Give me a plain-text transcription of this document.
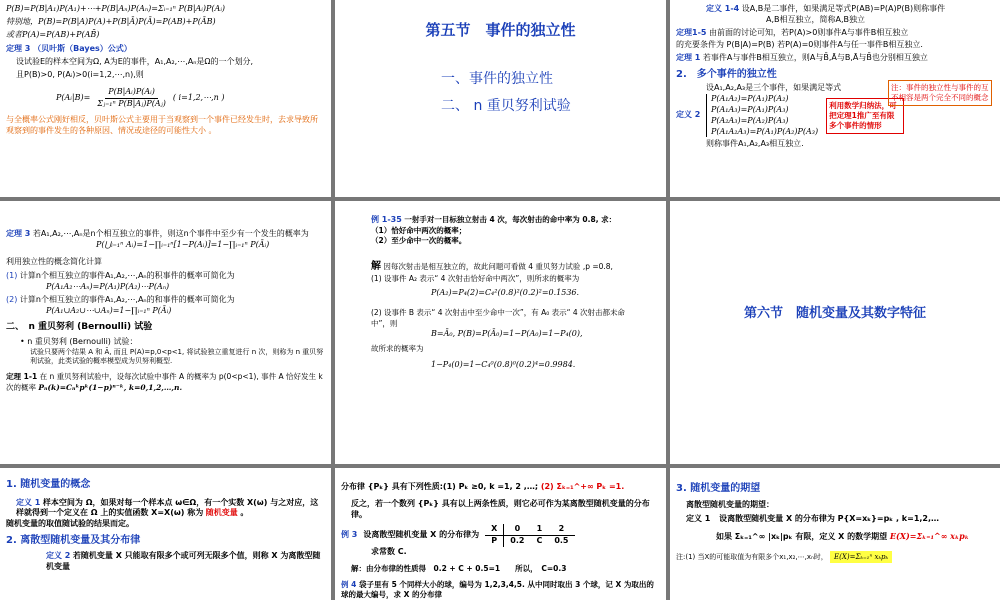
P(B)=P(B|A₁)P(A₁)+⋯+P(B|Aₙ)P(Aₙ)=Σᵢ₌₁ⁿ P(B|Aᵢ)P(Aᵢ)
特别地，P(B)=P(B|A)P(A)+P(B|Ā)P(Ā)=P(AB)+P(ĀB)
或者P(A)=P(AB)+P(AB̄)
定理 3 （贝叶斯（Bayes）公式）
设试验E的样本空间为Ω, A为E的事件，A₁,A₂,⋯,Aₙ是Ω的一个划分,
且P(B)>0, P(Aᵢ)>0(i=1,2,⋯,n),则
P(Aᵢ|B)= $\frac{\text{P(B|Aᵢ)P(Aᵢ)}}{\text{Σⱼ₌₁ⁿ P(B|Aⱼ)P(Aⱼ)}}$ ( i=1,2,⋯,n )
与全概率公式刚好相反，贝叶斯公式主要用于当观察到一个事件已经发生时，去求导致所观察到的事件发生的各种原因、情况或途径的可能性大小 。
第五节　事件的独立性
一、事件的独立性
二、 n 重贝努利试验
定义 1-4 设A,B是二事件，如果满足等式P(AB)=P(A)P(B)则称事件
A,B相互独立，简称A,B独立
定理1-5 由前面的讨论可知，若P(A)>0则事件A与事件B相互独立
的充要条件为 P(B|A)=P(B) 若P(A)=0则事件A与任一事件B相互独立.
定理 1 若事件A与事件B相互独立，则A与B̄,Ā与B,Ā与B̄也分别相互独立
注：事件的独立性与事件的互不相容是两个完全不同的概念
2.　多个事件的独立性
设A₁,A₂,A₃是三个事件，如果满足等式
定义 2
P(A₁A₂)=P(A₁)P(A₂)
P(A₁A₃)=P(A₁)P(A₃)
P(A₂A₃)=P(A₂)P(A₃)
P(A₁A₂A₃)=P(A₁)P(A₂)P(A₃)
利用数学归纳法，可把定理1推广至有限多个事件的情形
则称事件A₁,A₂,A₃相互独立.
定理 3 若A₁,A₂,⋯,Aₙ是n个相互独立的事件，则这n个事件中至少有一个发生的概率为
P(⋃ᵢ₌₁ⁿ Aᵢ)=1−∏ᵢ₌₁ⁿ[1−P(Aᵢ)]=1−∏ᵢ₌₁ⁿ P(Āᵢ)
利用独立性的概念简化计算
(1) 计算n个相互独立的事件A₁,A₂,⋯,Aₙ的积事件的概率可简化为
P(A₁A₂⋯Aₙ)=P(A₁)P(A₂)⋯P(Aₙ)
(2) 计算n个相互独立的事件A₁,A₂,⋯,Aₙ的和事件的概率可简化为
P(A₁∪A₂∪⋯∪Aₙ)=1−∏ᵢ₌₁ⁿ P(Āᵢ)
二、　n 重贝努利 (Bernoulli) 试验
• n 重贝努利 (Bernoulli) 试验：
试验只要两个结果 A 和 Ā, 而且 P(A)=p,0<p<1, 将试验独立重复进行 n 次，则称为 n 重贝努利试验，此类试验的概率模型成为贝努利概型.
定理 1-1 在 n 重贝努利试验中，设每次试验中事件 A 的概率为 p(0<p<1), 事件 A 恰好发生 k 次的概率 Pₙ(k)=Cₙᵏpᵏ(1−p)ⁿ⁻ᵏ, k=0,1,2,…,n.
例 1-35 一射手对一目标独立射击 4 次，每次射击的命中率为 0.8, 求：
（1）恰好命中两次的概率；
（2）至少命中一次的概率。
解 因每次射击是相互独立的，故此问题可看做 4 重贝努力试验 ,p =0.8,
(1) 设事件 A₂ 表示“ 4 次射击恰好命中两次”，则所求的概率为
P(A₂)=P₄(2)=C₄²(0.8)²(0.2)²=0.1536.
(2) 设事件 B 表示“ 4 次射击中至少命中一次”，有 A₀ 表示“ 4 次射击都未命中”，则
B=Ā₀, P(B)=P(Ā₀)=1−P(A₀)=1−P₄(0),
故所求的概率为
1−P₄(0)=1−C₄⁰(0.8)⁰(0.2)⁴=0.9984.
第六节　随机变量及其数字特征
1. 随机变量的概念
定义 1 样本空间为 Ω，如果对每一个样本点 ω∈Ω，有一个实数 X(ω) 与之对应，这样就得到一个定义在 Ω 上的实值函数 X=X(ω) 称为 随机变量 。
随机变量的取值随试验的结果而定。
2. 离散型随机变量及其分布律
定义 2 若随机变量 X 只能取有限多个或可列无限多个值，则称 X 为离散型随机变量
分布律 {Pₖ} 具有下列性质:(1) Pₖ ≥0, k =1, 2 ,…; (2) Σₖ₌₁^+∞ Pₖ =1.
反之，若一个数列 {Pₖ} 具有以上两条性质，则它必可作为某离散型随机变量的分布律。
例 3 设离散型随机变量 X 的分布律为
X	0	1	2
P	0.2	C	0.5
求常数 C.
解：由分布律的性质得　0.2 + C + 0.5=1　　所以，　C=0.3
例 4 袋子里有 5 个同样大小的球，编号为 1,2,3,4,5. 从中同时取出 3 个球，记 X 为取出的球的最大编号，求 X 的分布律
3. 随机变量的期望
离散型随机变量的期望：
定义 1 设离散型随机变量 X 的分布律为 P{X=xₖ}=pₖ , k=1,2,…
如果 Σₖ₌₁^∞ |xₖ|pₖ 有限，定义 X 的数学期望 E(X)=Σₖ₌₁^∞ xₖpₖ
注:(1) 当X的可能取值为有限多个x₁,x₂,⋯,xₙ时， E(X)=Σₖ₌₁ⁿ xₖpₖ
